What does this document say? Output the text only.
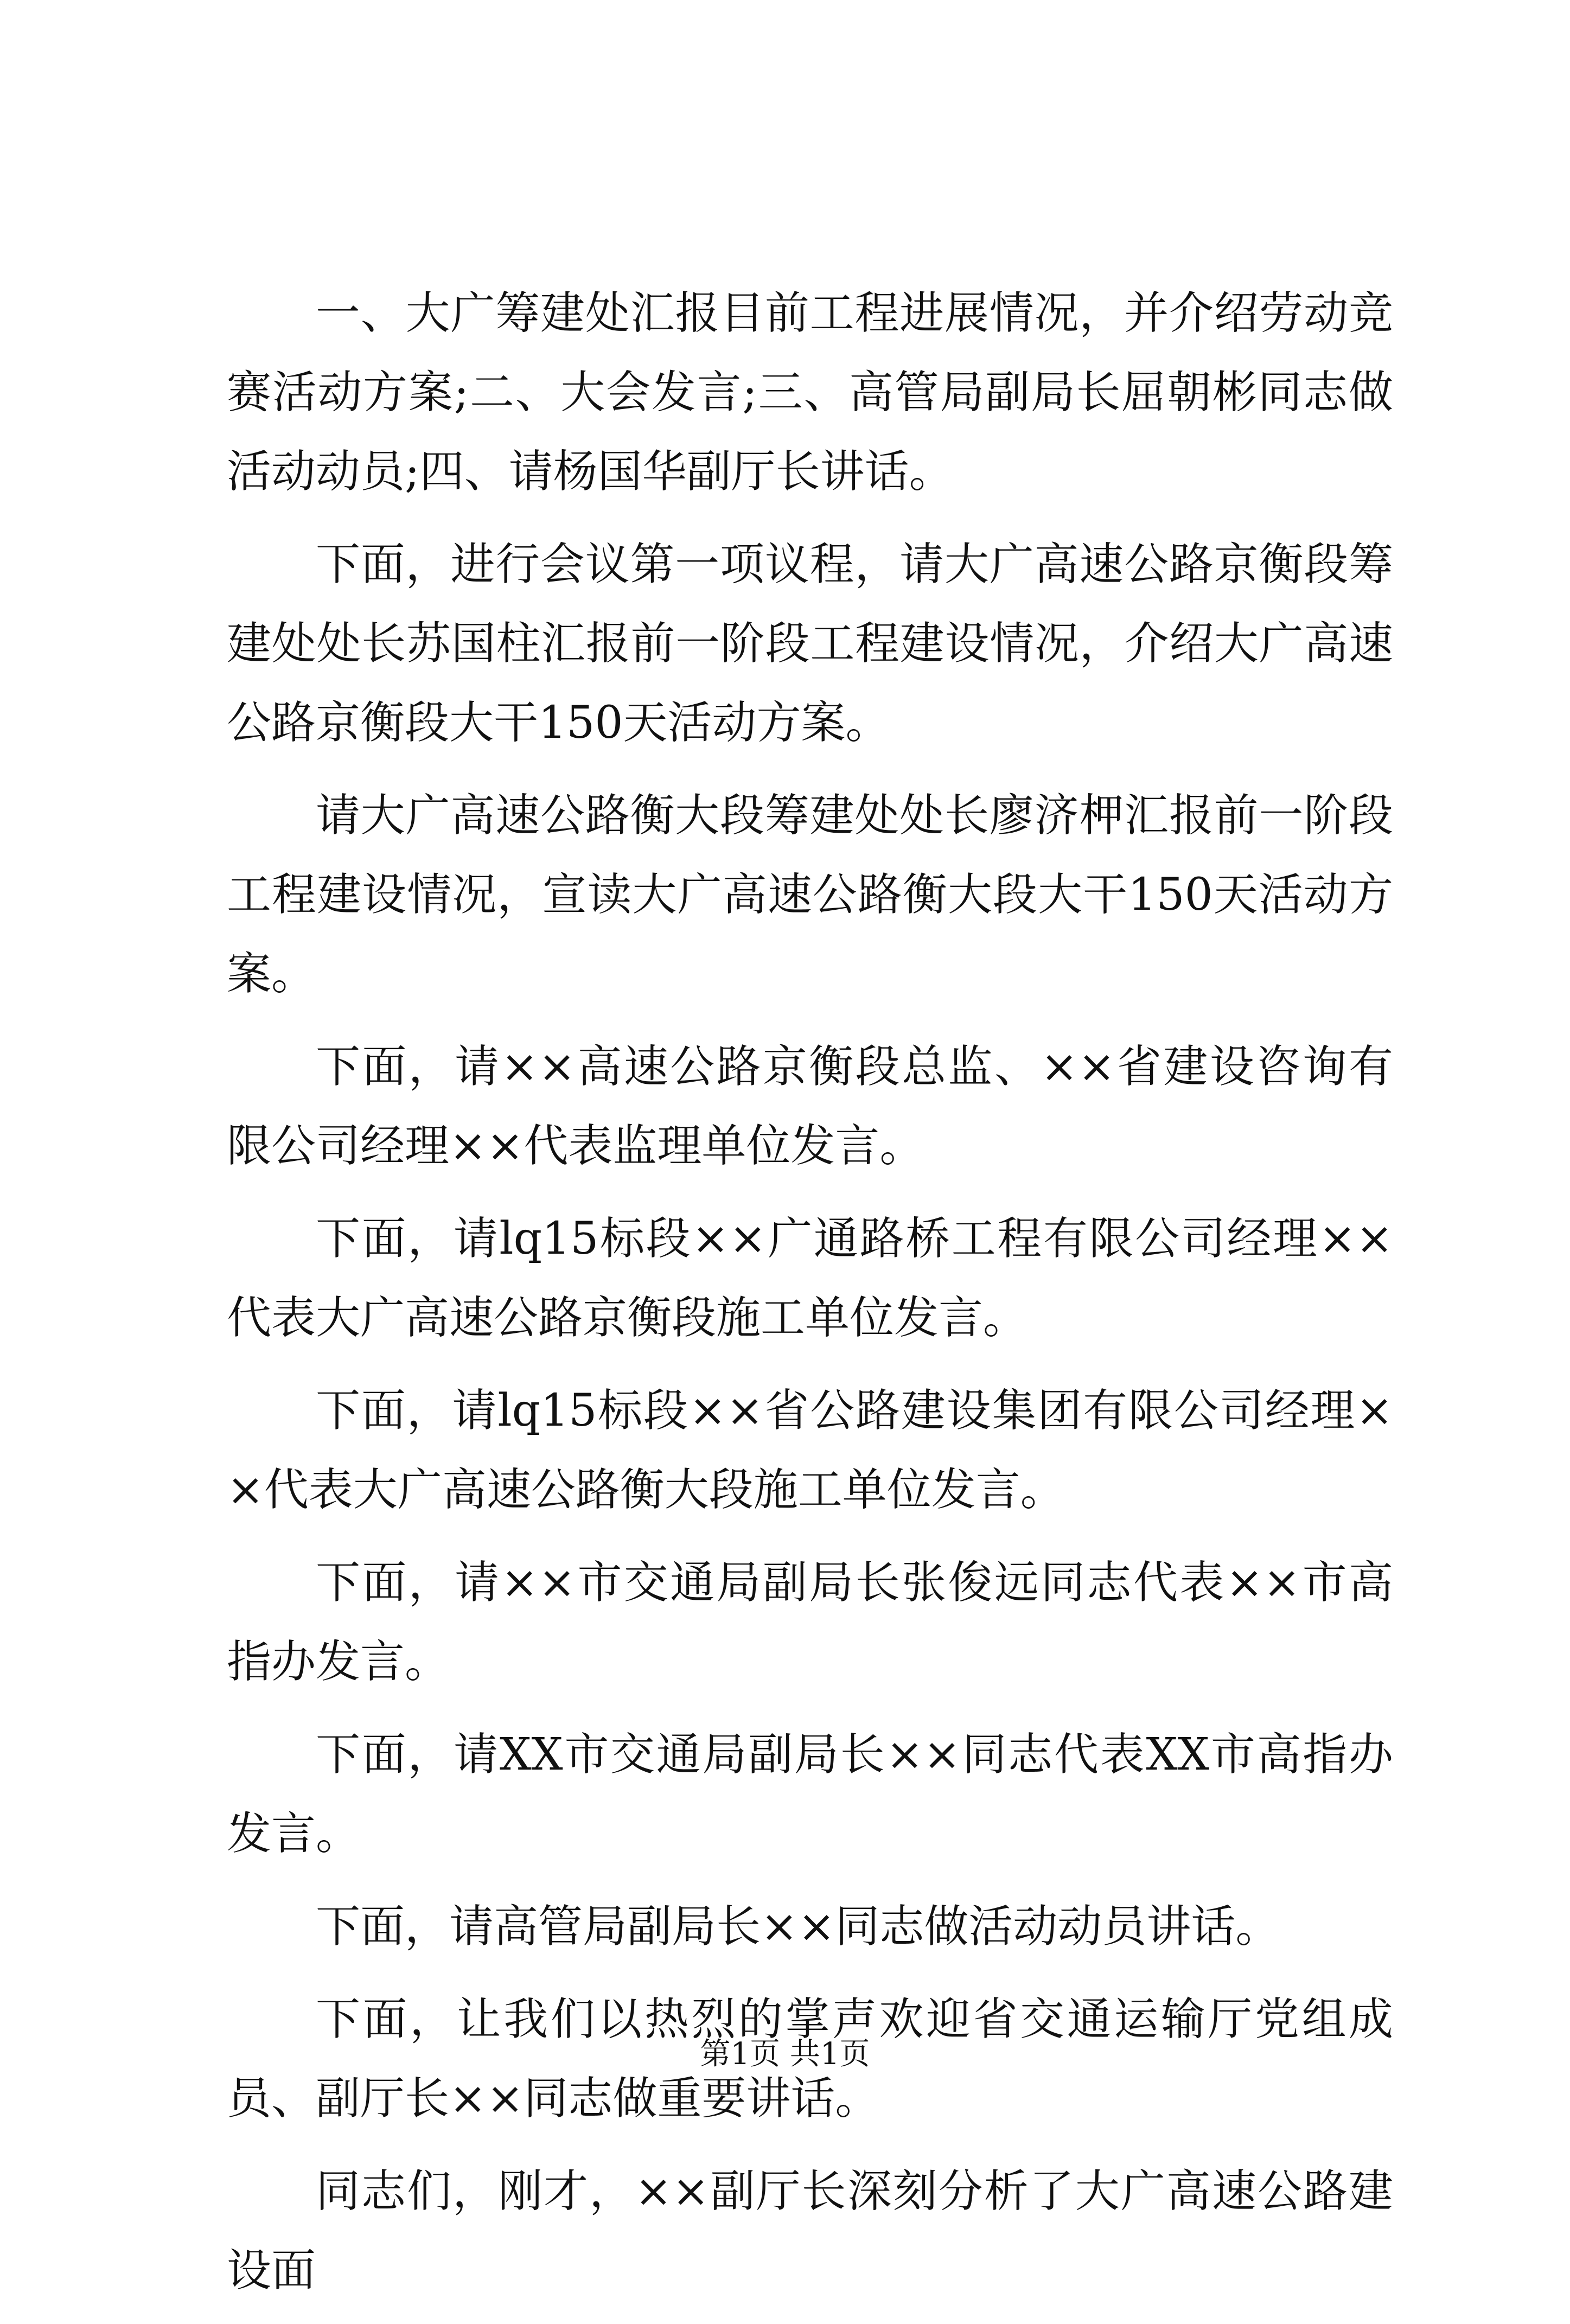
一、大广筹建处汇报目前工程进展情况，并介绍劳动竞赛活动方案;二、大会发言;三、高管局副局长屈朝彬同志做活动动员;四、请杨国华副厅长讲话。

下面，进行会议第一项议程，请大广高速公路京衡段筹建处处长苏国柱汇报前一阶段工程建设情况，介绍大广高速公路京衡段大干150天活动方案。

请大广高速公路衡大段筹建处处长廖济柙汇报前一阶段工程建设情况，宣读大广高速公路衡大段大干150天活动方案。

下面，请××高速公路京衡段总监、××省建设咨询有限公司经理××代表监理单位发言。

下面，请lq15标段××广通路桥工程有限公司经理××代表大广高速公路京衡段施工单位发言。

下面，请lq15标段××省公路建设集团有限公司经理××代表大广高速公路衡大段施工单位发言。

下面，请××市交通局副局长张俊远同志代表××市高指办发言。

下面，请XX市交通局副局长××同志代表XX市高指办发言。

下面，请高管局副局长××同志做活动动员讲话。

下面，让我们以热烈的掌声欢迎省交通运输厅党组成员、副厅长××同志做重要讲话。

同志们，刚才，××副厅长深刻分析了大广高速公路建设面

第1页 共1页
